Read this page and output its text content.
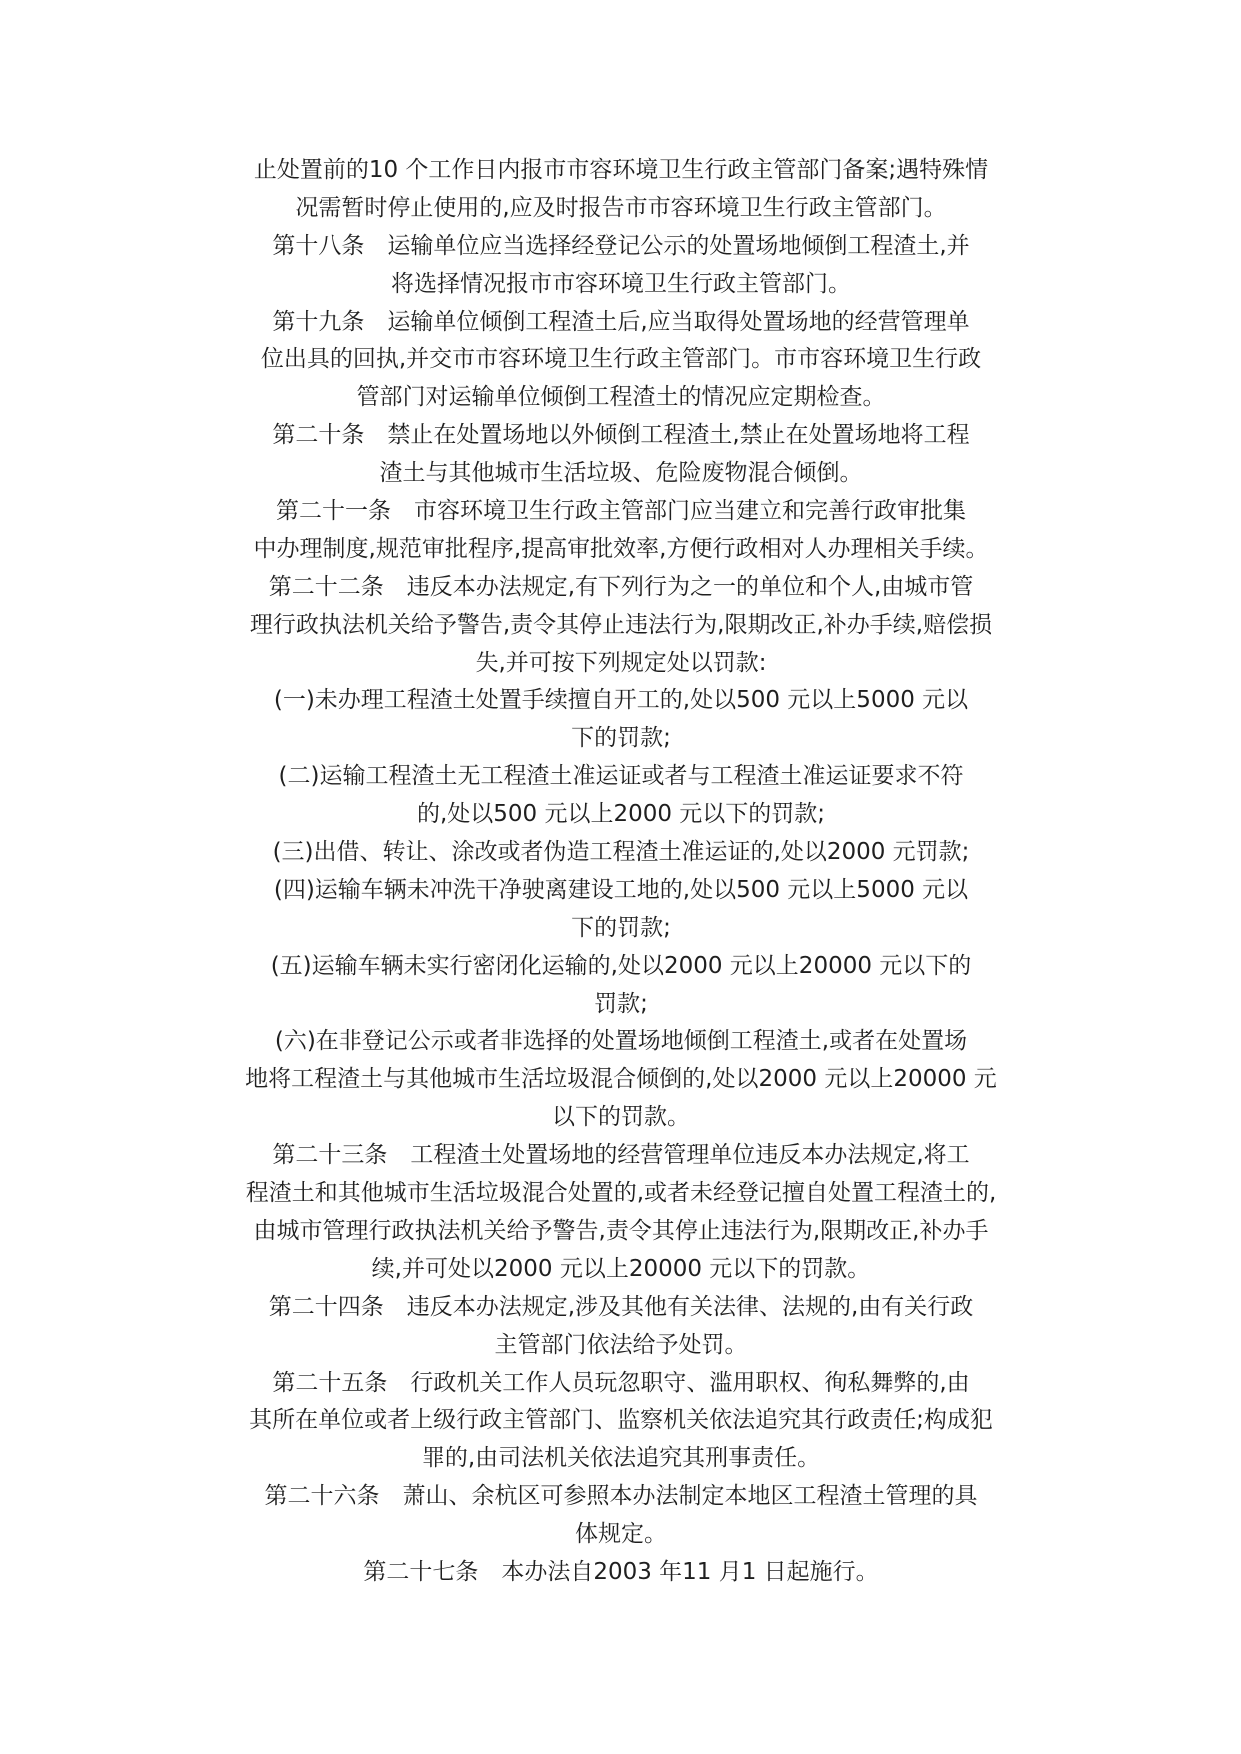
止处置前的10 个工作日内报市市容环境卫生行政主管部门备案;遇特殊情
况需暂时停止使用的,应及时报告市市容环境卫生行政主管部门。
第十八条　运输单位应当选择经登记公示的处置场地倾倒工程渣土,并
将选择情况报市市容环境卫生行政主管部门。
第十九条　运输单位倾倒工程渣土后,应当取得处置场地的经营管理单
位出具的回执,并交市市容环境卫生行政主管部门。市市容环境卫生行政
管部门对运输单位倾倒工程渣土的情况应定期检查。
第二十条　禁止在处置场地以外倾倒工程渣土,禁止在处置场地将工程
渣土与其他城市生活垃圾、危险废物混合倾倒。
第二十一条　市容环境卫生行政主管部门应当建立和完善行政审批集
中办理制度,规范审批程序,提高审批效率,方便行政相对人办理相关手续。
第二十二条　违反本办法规定,有下列行为之一的单位和个人,由城市管
理行政执法机关给予警告,责令其停止违法行为,限期改正,补办手续,赔偿损
失,并可按下列规定处以罚款:
(一)未办理工程渣土处置手续擅自开工的,处以500 元以上5000 元以
下的罚款;
(二)运输工程渣土无工程渣土准运证或者与工程渣土准运证要求不符
的,处以500 元以上2000 元以下的罚款;
(三)出借、转让、涂改或者伪造工程渣土准运证的,处以2000 元罚款;
(四)运输车辆未冲洗干净驶离建设工地的,处以500 元以上5000 元以
下的罚款;
(五)运输车辆未实行密闭化运输的,处以2000 元以上20000 元以下的
罚款;
(六)在非登记公示或者非选择的处置场地倾倒工程渣土,或者在处置场
地将工程渣土与其他城市生活垃圾混合倾倒的,处以2000 元以上20000 元
以下的罚款。
第二十三条　工程渣土处置场地的经营管理单位违反本办法规定,将工
程渣土和其他城市生活垃圾混合处置的,或者未经登记擅自处置工程渣土的,
由城市管理行政执法机关给予警告,责令其停止违法行为,限期改正,补办手
续,并可处以2000 元以上20000 元以下的罚款。
第二十四条　违反本办法规定,涉及其他有关法律、法规的,由有关行政
主管部门依法给予处罚。
第二十五条　行政机关工作人员玩忽职守、滥用职权、徇私舞弊的,由
其所在单位或者上级行政主管部门、监察机关依法追究其行政责任;构成犯
罪的,由司法机关依法追究其刑事责任。
第二十六条　萧山、余杭区可参照本办法制定本地区工程渣土管理的具
体规定。
第二十七条　本办法自2003 年11 月1 日起施行。
